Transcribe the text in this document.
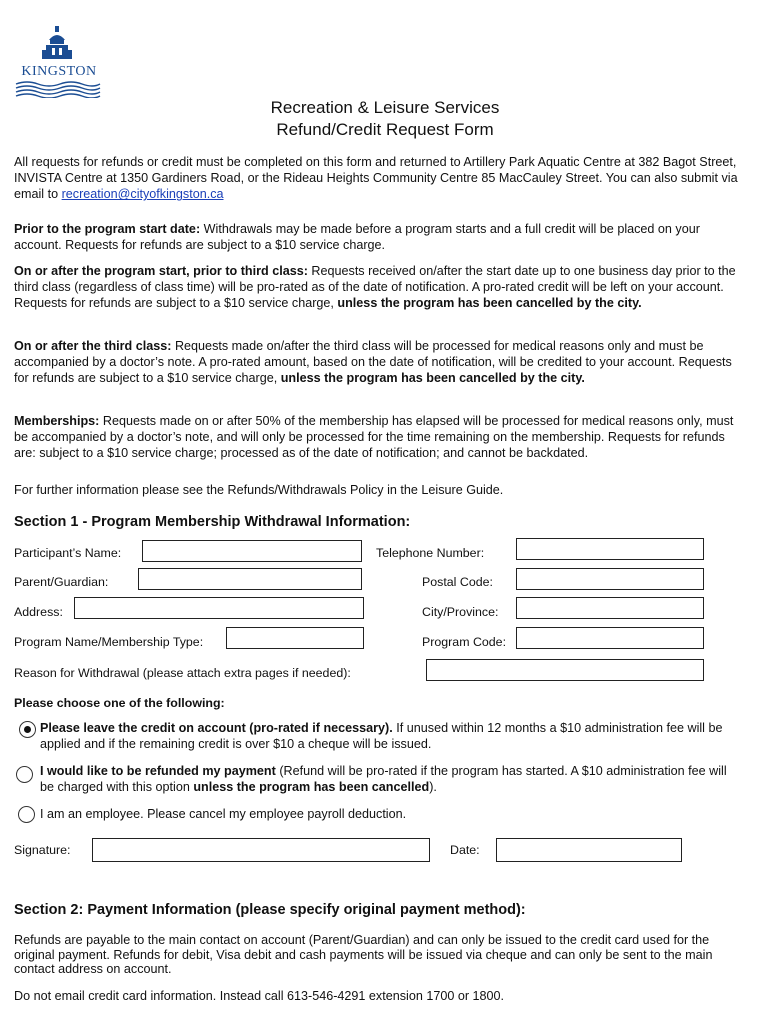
KINGSTON
Recreation & Leisure Services
Refund/Credit Request Form
All requests for refunds or credit must be completed on this form and returned to Artillery Park Aquatic Centre at 382 Bagot Street, INVISTA Centre at 1350 Gardiners Road, or the Rideau Heights Community Centre 85 MacCauley Street. You can also submit via email to recreation@cityofkingston.ca
Prior to the program start date: Withdrawals may be made before a program starts and a full credit will be placed on your account. Requests for refunds are subject to a $10 service charge.
On or after the program start, prior to third class: Requests received on/after the start date up to one business day prior to the third class (regardless of class time) will be pro-rated as of the date of notification. A pro-rated credit will be left on your account. Requests for refunds are subject to a $10 service charge, unless the program has been cancelled by the city.
On or after the third class: Requests made on/after the third class will be processed for medical reasons only and must be accompanied by a doctor’s note. A pro-rated amount, based on the date of notification, will be credited to your account. Requests for refunds are subject to a $10 service charge, unless the program has been cancelled by the city.
Memberships: Requests made on or after 50% of the membership has elapsed will be processed for medical reasons only, must be accompanied by a doctor’s note, and will only be processed for the time remaining on the membership. Requests for refunds are: subject to a $10 service charge; processed as of the date of notification; and cannot be backdated.
For further information please see the Refunds/Withdrawals Policy in the Leisure Guide.
Section 1 - Program Membership Withdrawal Information:
Participant’s Name:	Telephone Number:
Parent/Guardian:	Postal Code:
Address:	City/Province:
Program Name/Membership Type:	Program Code:
Reason for Withdrawal (please attach extra pages if needed):
Please choose one of the following:
Please leave the credit on account (pro-rated if necessary). If unused within 12 months a $10 administration fee will be applied and if the remaining credit is over $10 a cheque will be issued.
I would like to be refunded my payment (Refund will be pro-rated if the program has started. A $10 administration fee will be charged with this option unless the program has been cancelled).
I am an employee. Please cancel my employee payroll deduction.
Signature:	Date:
Section 2: Payment Information (please specify original payment method):
Refunds are payable to the main contact on account (Parent/Guardian) and can only be issued to the credit card used for the original payment. Refunds for debit, Visa debit and cash payments will be issued via cheque and can only be sent to the main contact address on account.
Do not email credit card information. Instead call 613-546-4291 extension 1700 or 1800.
